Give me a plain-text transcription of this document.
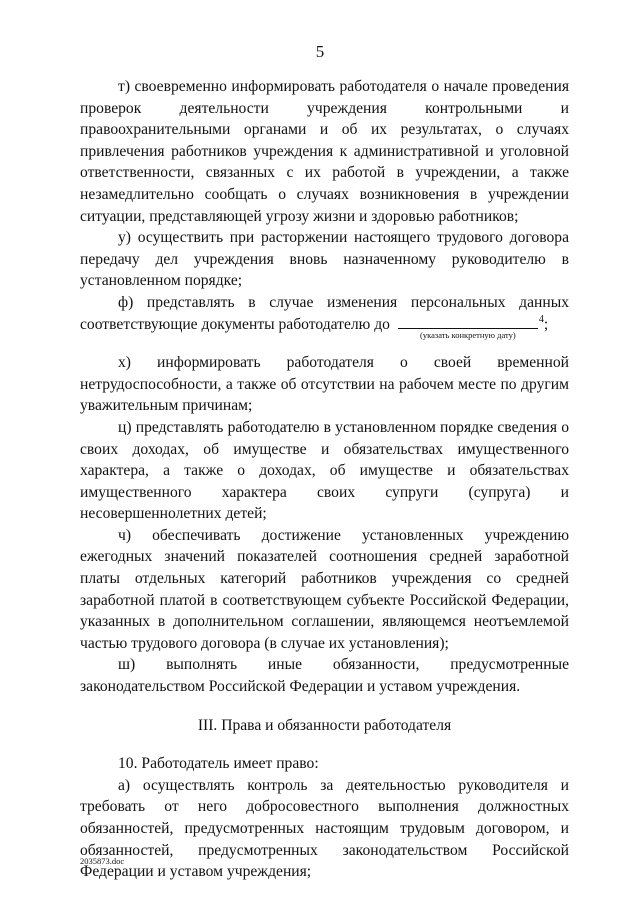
5

т) своевременно информировать работодателя о начале проведения проверок деятельности учреждения контрольными и правоохранительными органами и об их результатах, о случаях привлечения работников учреждения к административной и уголовной ответственности, связанных с их работой в учреждении, а также незамедлительно сообщать о случаях возникновения в учреждении ситуации, представляющей угрозу жизни и здоровью работников;

у) осуществить при расторжении настоящего трудового договора передачу дел учреждения вновь назначенному руководителю в установленном порядке;

ф) представлять в случае изменения персональных данных

соответствующие документы работодателю до
(указать конкретную дату)
$^4$;

х) информировать работодателя о своей временной нетрудоспособности, а также об отсутствии на рабочем месте по другим уважительным причинам;

ц) представлять работодателю в установленном порядке сведения о своих доходах, об имуществе и обязательствах имущественного характера, а также о доходах, об имуществе и обязательствах имущественного характера своих супруги (супруга) и несовершеннолетних детей;

ч) обеспечивать достижение установленных учреждению ежегодных значений показателей соотношения средней заработной платы отдельных категорий работников учреждения со средней заработной платой в соответствующем субъекте Российской Федерации, указанных в дополнительном соглашении, являющемся неотъемлемой частью трудового договора (в случае их установления);

ш) выполнять иные обязанности, предусмотренные законодательством Российской Федерации и уставом учреждения.

III. Права и обязанности работодателя

10. Работодатель имеет право:

а) осуществлять контроль за деятельностью руководителя и требовать от него добросовестного выполнения должностных обязанностей, предусмотренных настоящим трудовым договором, и обязанностей, предусмотренных законодательством Российской Федерации и уставом учреждения;

2035873.doc
